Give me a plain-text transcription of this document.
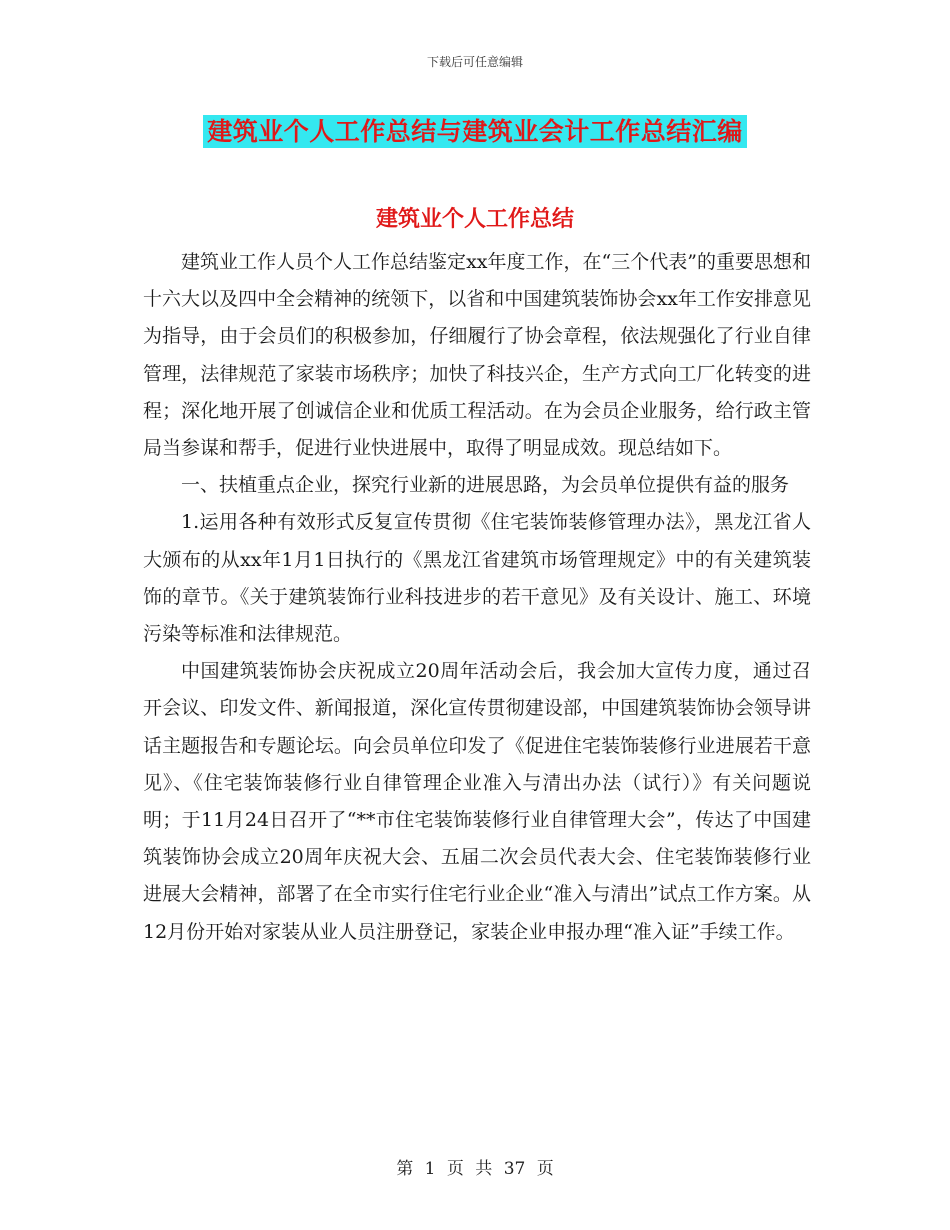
下载后可任意编辑
建筑业个人工作总结与建筑业会计工作总结汇编
建筑业个人工作总结

建筑业工作人员个人工作总结鉴定xx年度工作，在“三个代表”的重要思想和十六大以及四中全会精神的统领下，以省和中国建筑装饰协会xx年工作安排意见为指导，由于会员们的积极参加，仔细履行了协会章程，依法规强化了行业自律管理，法律规范了家装市场秩序；加快了科技兴企，生产方式向工厂化转变的进程；深化地开展了创诚信企业和优质工程活动。在为会员企业服务，给行政主管局当参谋和帮手，促进行业快进展中，取得了明显成效。现总结如下。

一、扶植重点企业，探究行业新的进展思路，为会员单位提供有益的服务

1.运用各种有效形式反复宣传贯彻《住宅装饰装修管理办法》，黑龙江省人大颁布的从xx年1月1日执行的《黑龙江省建筑市场管理规定》中的有关建筑装饰的章节。《关于建筑装饰行业科技进步的若干意见》及有关设计、施工、环境污染等标准和法律规范。

中国建筑装饰协会庆祝成立20周年活动会后，我会加大宣传力度，通过召开会议、印发文件、新闻报道，深化宣传贯彻建设部，中国建筑装饰协会领导讲话主题报告和专题论坛。向会员单位印发了《促进住宅装饰装修行业进展若干意见》、《住宅装饰装修行业自律管理企业准入与清出办法（试行）》有关问题说明；于11月24日召开了“**市住宅装饰装修行业自律管理大会”，传达了中国建筑装饰协会成立20周年庆祝大会、五届二次会员代表大会、住宅装饰装修行业进展大会精神，部署了在全市实行住宅行业企业“准入与清出”试点工作方案。从12月份开始对家装从业人员注册登记，家装企业申报办理“准入证”手续工作。

第 1 页 共 37 页
